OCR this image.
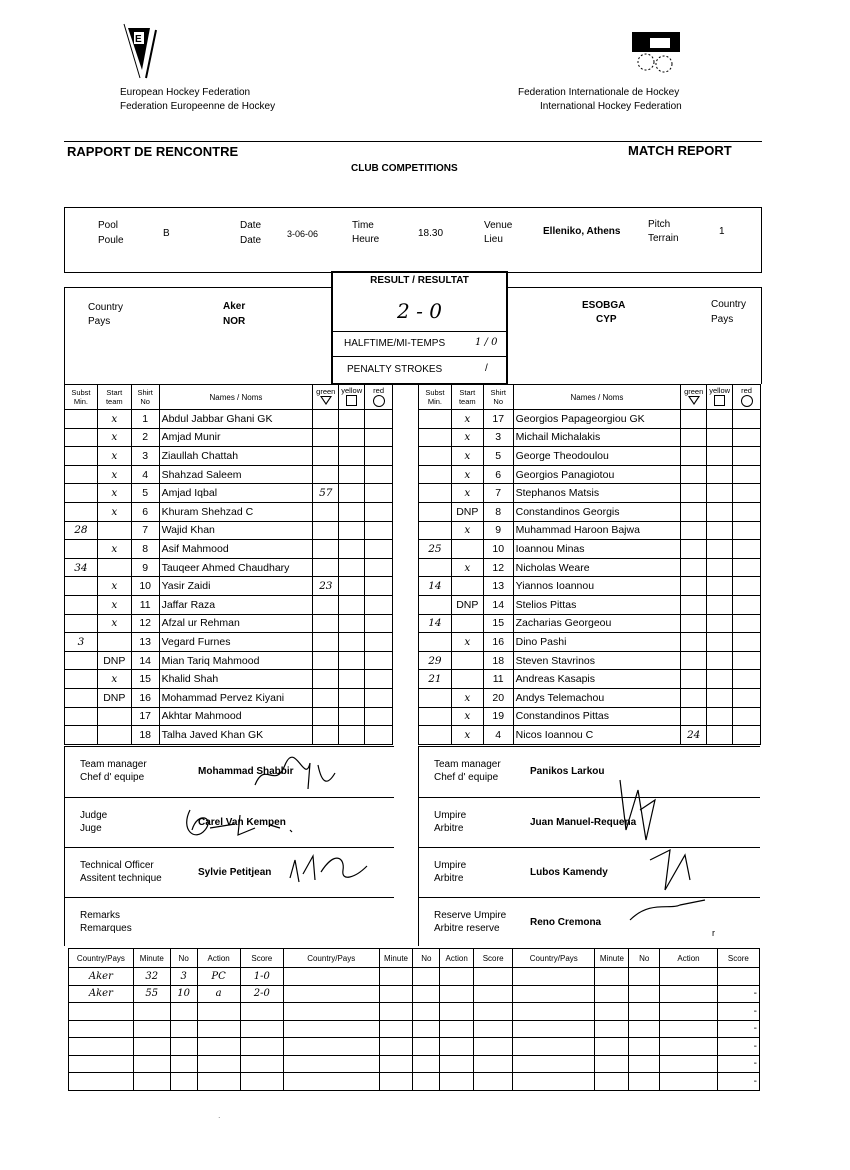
E
European Hockey Federation
Federation Europeenne de Hockey
Federation Internationale de Hockey
International Hockey Federation
RAPPORT DE RENCONTRE	MATCH REPORT
CLUB COMPETITIONS
Pool
Poule
B
Date
Date
3-06-06
Time
Heure
18.30
Venue
Lieu
Elleniko, Athens
Pitch
Terrain
1
Country
Pays
Aker
NOR
ESOBGA
CYP
Country
Pays
RESULT / RESULTAT
2 - 0
HALFTIME/MI-TEMPS	1 / 0
PENALTY STROKES	/
Subst
Min.	Start
team	Shirt
No	Names / Noms	green	yellow	red

	x	1	Abdul Jabbar Ghani GK			
	x	2	Amjad Munir			
	x	3	Ziaullah Chattah			
	x	4	Shahzad Saleem			
	x	5	Amjad Iqbal	57		
	x	6	Khuram Shehzad C			
28		7	Wajid Khan			
	x	8	Asif Mahmood			
34		9	Tauqeer Ahmed Chaudhary			
	x	10	Yasir Zaidi	23		
	x	11	Jaffar Raza			
	x	12	Afzal ur Rehman			
3		13	Vegard Furnes			
	DNP	14	Mian Tariq Mahmood			
	x	15	Khalid Shah			
	DNP	16	Mohammad Pervez Kiyani			
		17	Akhtar Mahmood			
		18	Talha Javed Khan GK			
Subst
Min.	Start
team	Shirt
No	Names / Noms	green	yellow	red

	x	17	Georgios Papageorgiou GK			
	x	3	Michail Michalakis			
	x	5	George Theodoulou			
	x	6	Georgios Panagiotou			
	x	7	Stephanos Matsis			
	DNP	8	Constandinos Georgis			
	x	9	Muhammad Haroon Bajwa			
25		10	Ioannou Minas			
	x	12	Nicholas Weare			
14		13	Yiannos Ioannou			
	DNP	14	Stelios Pittas			
14		15	Zacharias Georgeou			
	x	16	Dino Pashi			
29		18	Steven Stavrinos			
21		11	Andreas Kasapis			
	x	20	Andys Telemachou			
	x	19	Constandinos Pittas			
	x	4	Nicos Ioannou C	24		
Team manager
Chef d' equipe
Mohammad Shabbir
Team manager
Chef d' equipe
Panikos Larkou
Judge
Juge
Carel Van Kempen
Umpire
Arbitre
Juan Manuel-Requena
Technical Officer
Assitent technique
Sylvie Petitjean
Umpire
Arbitre
Lubos Kamendy
Remarks
Remarques
Reserve Umpire
Arbitre reserve
Reno Cremona
r
Country/Pays	Minute	No	Action	Score	Country/Pays	Minute	No	Action	Score	Country/Pays	Minute	No	Action	Score
Aker	32	3	PC	1-0										
Aker	55	10	a	2-0										-
														-
														-
														-
														-
														-
.
